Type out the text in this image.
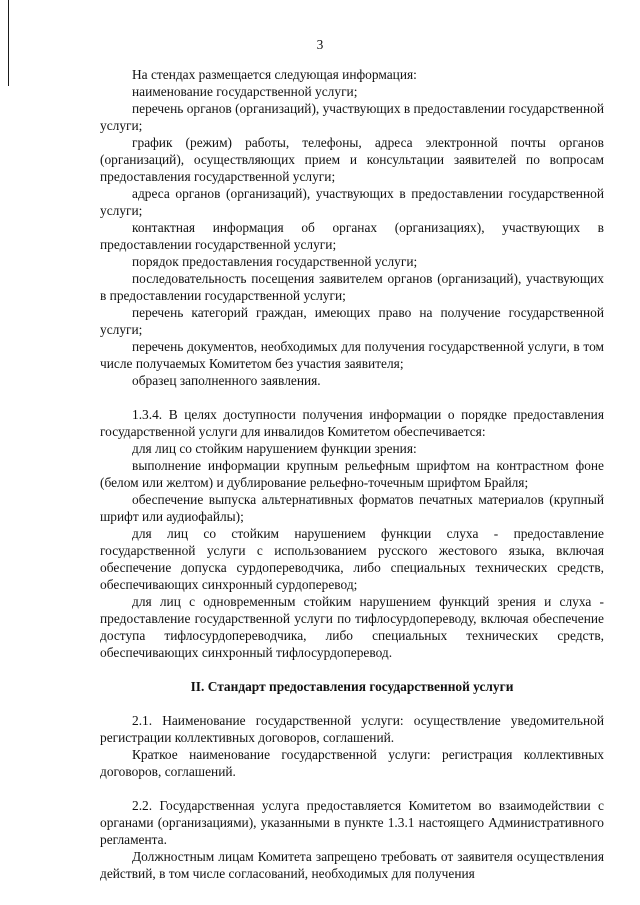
3

На стендах размещается следующая информация:

наименование государственной услуги;

перечень органов (организаций), участвующих в предоставлении государственной услуги;

график (режим) работы, телефоны, адреса электронной почты органов (организаций), осуществляющих прием и консультации заявителей по вопросам предоставления государственной услуги;

адреса органов (организаций), участвующих в предоставлении государственной услуги;

контактная информация об органах (организациях), участвующих в предоставлении государственной услуги;

порядок предоставления государственной услуги;

последовательность посещения заявителем органов (организаций), участвующих в предоставлении государственной услуги;

перечень категорий граждан, имеющих право на получение государственной услуги;

перечень документов, необходимых для получения государственной услуги, в том числе получаемых Комитетом без участия заявителя;

образец заполненного заявления.

1.3.4. В целях доступности получения информации о порядке предоставления государственной услуги для инвалидов Комитетом обеспечивается:

для лиц со стойким нарушением функции зрения:

выполнение информации крупным рельефным шрифтом на контрастном фоне (белом или желтом) и дублирование рельефно-точечным шрифтом Брайля;

обеспечение выпуска альтернативных форматов печатных материалов (крупный шрифт или аудиофайлы);

для лиц со стойким нарушением функции слуха - предоставление государственной услуги с использованием русского жестового языка, включая обеспечение допуска сурдопереводчика, либо специальных технических средств, обеспечивающих синхронный сурдоперевод;

для лиц с одновременным стойким нарушением функций зрения и слуха - предоставление государственной услуги по тифлосурдопереводу, включая обеспечение доступа тифлосурдопереводчика, либо специальных технических средств, обеспечивающих синхронный тифлосурдоперевод.

II. Стандарт предоставления государственной услуги

2.1. Наименование государственной услуги: осуществление уведомительной регистрации коллективных договоров, соглашений.

Краткое наименование государственной услуги: регистрация коллективных договоров, соглашений.

2.2. Государственная услуга предоставляется Комитетом во взаимодействии с органами (организациями), указанными в пункте 1.3.1 настоящего Административного регламента.

Должностным лицам Комитета запрещено требовать от заявителя осуществления действий, в том числе согласований, необходимых для получения
